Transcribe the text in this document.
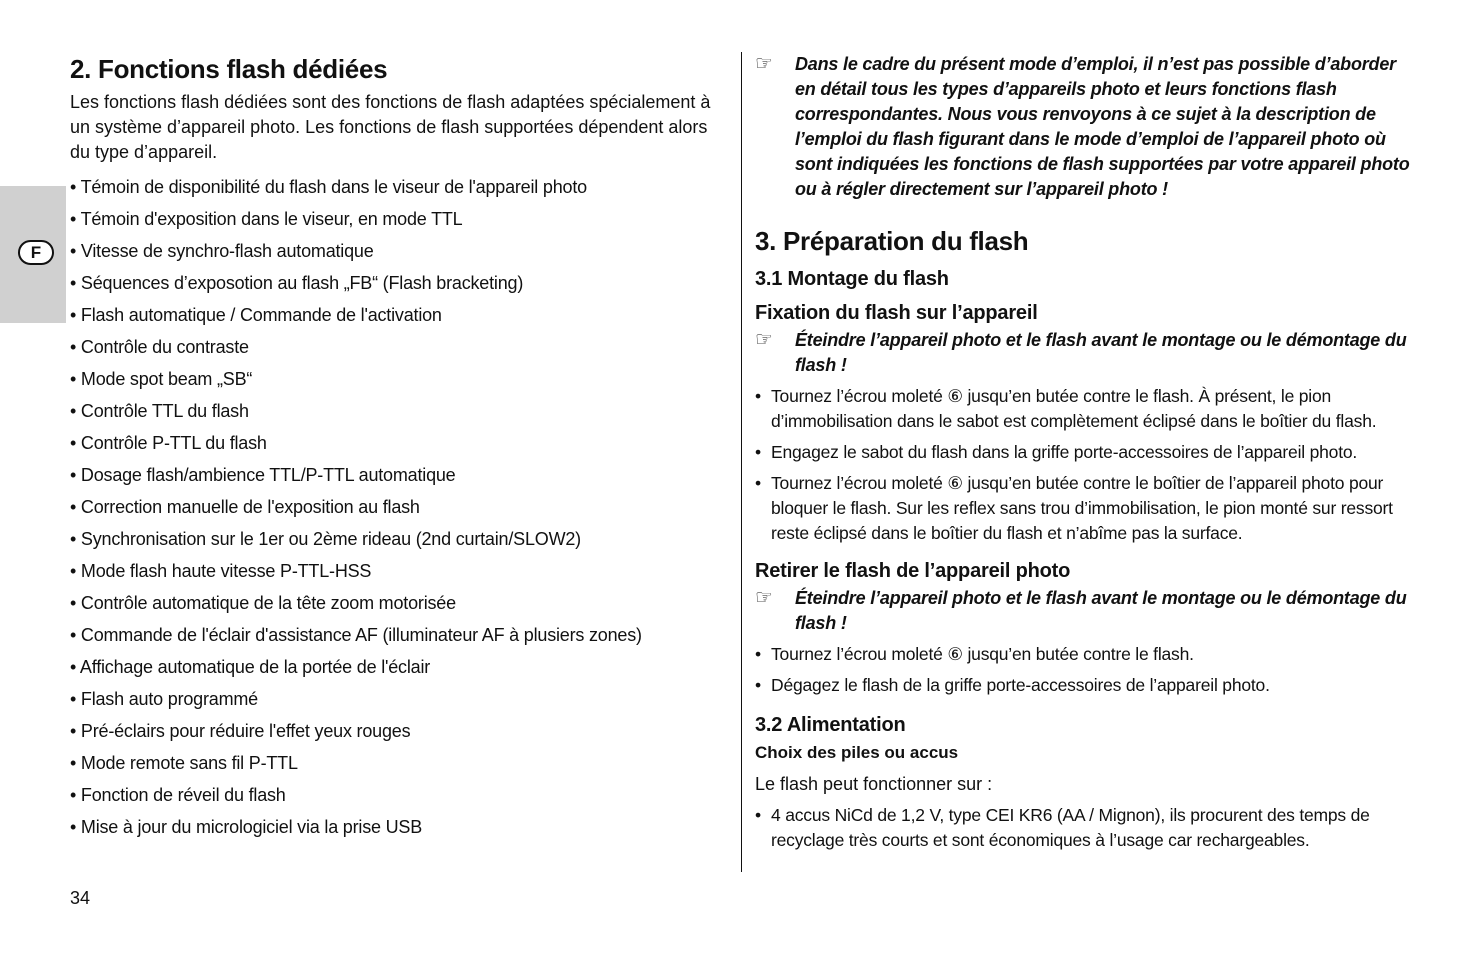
F
2. Fonctions flash dédiées

Les fonctions flash dédiées sont des fonctions de flash adaptées spécialement à un système d’appareil photo. Les fonctions de flash supportées dépendent alors du type d’appareil.

• Témoin de disponibilité du flash dans le viseur de l'appareil photo
• Témoin d'exposition dans le viseur, en mode TTL
• Vitesse de synchro-flash automatique
• Séquences d’exposotion au flash „FB“ (Flash bracketing)
• Flash automatique / Commande de l'activation
• Contrôle du contraste
• Mode spot beam „SB“
• Contrôle TTL du flash
• Contrôle P-TTL du flash
• Dosage flash/ambience TTL/P-TTL automatique
• Correction manuelle de l'exposition au flash
• Synchronisation sur le 1er ou 2ème rideau (2nd curtain/SLOW2)
• Mode flash haute vitesse P-TTL-HSS
• Contrôle automatique de la tête zoom motorisée
• Commande de l'éclair d'assistance AF (illuminateur AF à plusiers zones)
• Affichage automatique de la portée de l'éclair
• Flash auto programmé
• Pré-éclairs pour réduire l'effet yeux rouges
• Mode remote sans fil P-TTL
• Fonction de réveil du flash
• Mise à jour du micrologiciel via la prise USB
☞	Dans le cadre du présent mode d’emploi, il n’est pas possible d’aborder en détail tous les types d’appareils photo et leurs fonctions flash correspondantes. Nous vous renvoyons à ce sujet à la description de l’emploi du flash figurant dans le mode d’emploi de l’appareil photo où sont indiquées les fonctions de flash supportées par votre appareil photo ou à régler directement sur l’appareil photo !
3. Préparation du flash
3.1 Montage du flash
Fixation du flash sur l’appareil
☞	Éteindre l’appareil photo et le flash avant le montage ou le démontage du flash !
• Tournez l’écrou moleté ⑥ jusqu’en butée contre le flash. À présent, le pion d’immobilisation dans le sabot est complètement éclipsé dans le boîtier du flash.
• Engagez le sabot du flash dans la griffe porte-accessoires de l’appareil photo.
• Tournez l’écrou moleté ⑥ jusqu’en butée contre le boîtier de l’appareil photo pour bloquer le flash. Sur les reflex sans trou d’immobilisation, le pion monté sur ressort reste éclipsé dans le boîtier du flash et n’abîme pas la surface.
Retirer le flash de l’appareil photo
☞	Éteindre l’appareil photo et le flash avant le montage ou le démontage du flash !
• Tournez l’écrou moleté ⑥ jusqu’en butée contre le flash.
• Dégagez le flash de la griffe porte-accessoires de l’appareil photo.
3.2 Alimentation
Choix des piles ou accus

Le flash peut fonctionner sur :

• 4 accus NiCd de 1,2 V, type CEI KR6 (AA / Mignon), ils procurent des temps de recyclage très courts et sont économiques à l’usage car rechargeables.
34
